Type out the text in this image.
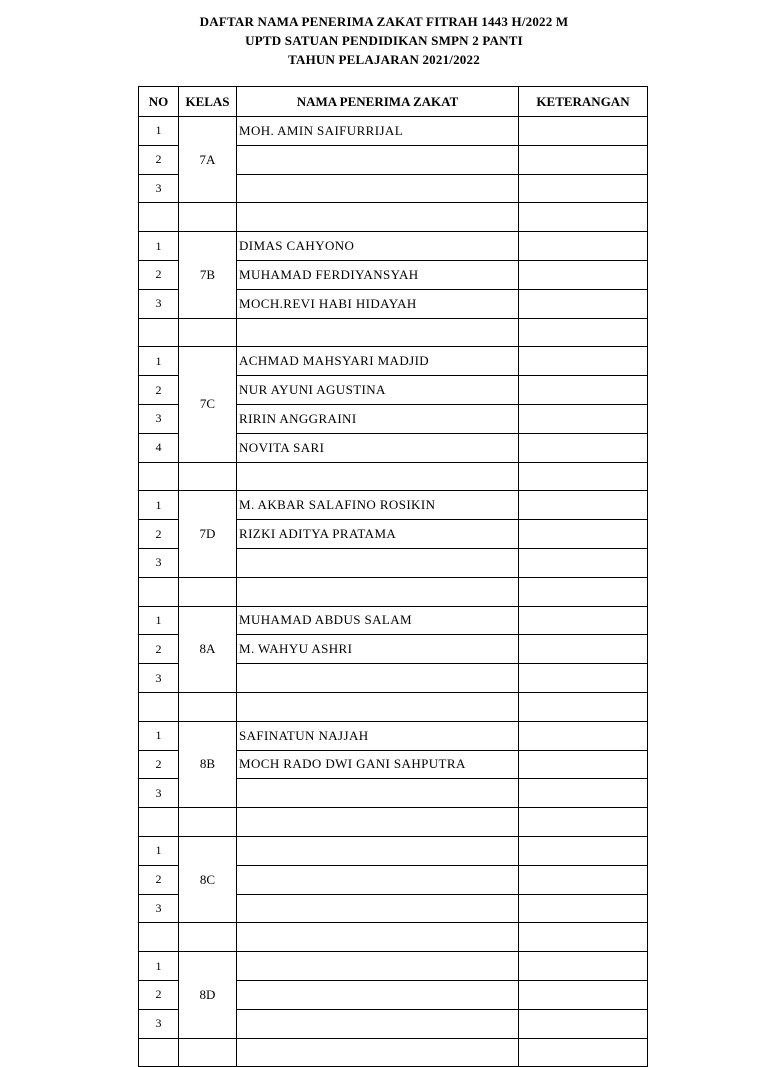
DAFTAR NAMA PENERIMA ZAKAT FITRAH 1443 H/2022 M
UPTD SATUAN PENDIDIKAN SMPN 2 PANTI
TAHUN PELAJARAN 2021/2022
NO	KELAS	NAMA PENERIMA ZAKAT	KETERANGAN
1	7A	MOH. AMIN SAIFURRIJAL	
2			
3			

1	7B	DIMAS CAHYONO	
2		MUHAMAD FERDIYANSYAH	
3		MOCH.REVI HABI HIDAYAH	

1	7C	ACHMAD MAHSYARI MADJID	
2		NUR AYUNI AGUSTINA	
3		RIRIN ANGGRAINI	
4		NOVITA SARI	

1	7D	M. AKBAR SALAFINO ROSIKIN	
2		RIZKI ADITYA PRATAMA	
3			

1	8A	MUHAMAD ABDUS SALAM	
2		M. WAHYU ASHRI	
3			

1	8B	SAFINATUN NAJJAH	
2		MOCH RADO DWI GANI SAHPUTRA	
3			

1	8C		
2			
3			

1	8D		
2			
3			
